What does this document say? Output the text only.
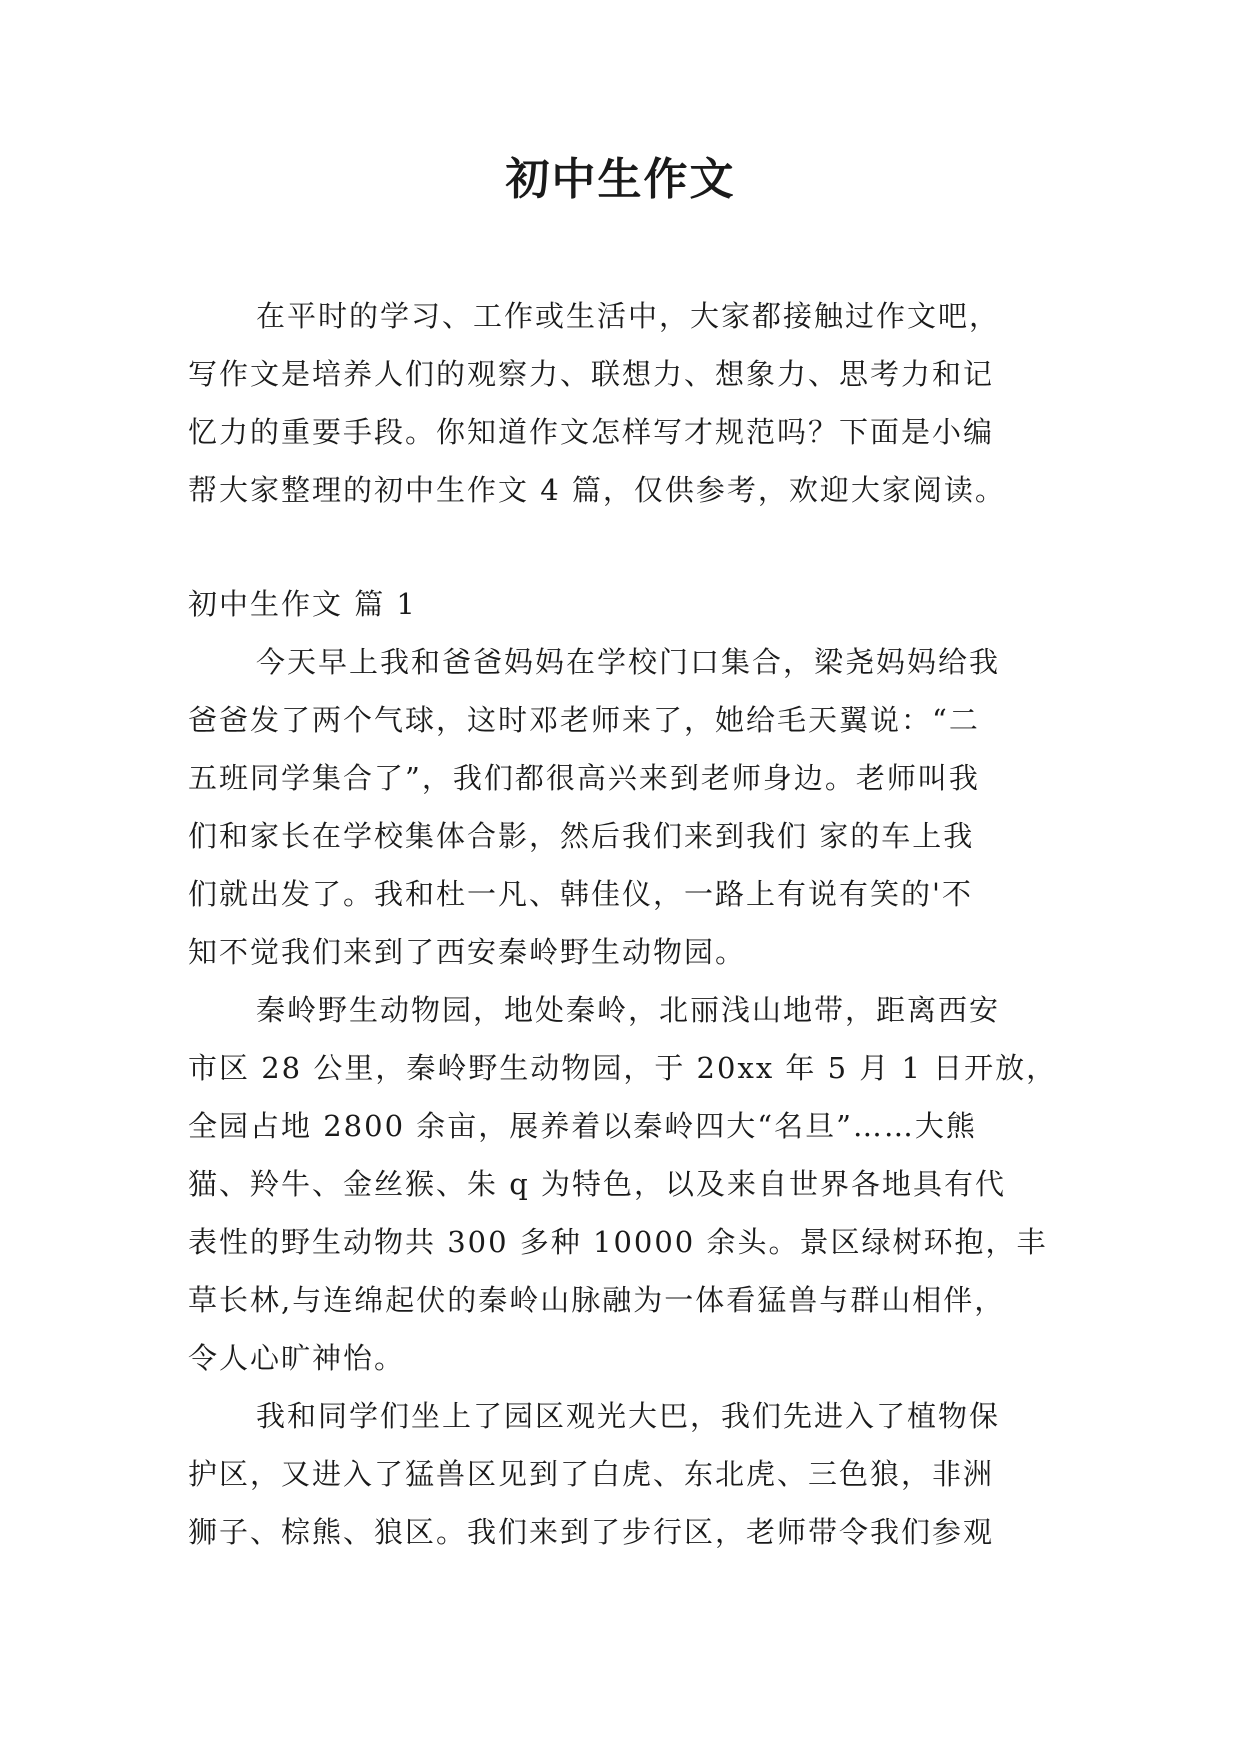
初中生作文
在平时的学习、工作或生活中，大家都接触过作文吧，
写作文是培养人们的观察力、联想力、想象力、思考力和记
忆力的重要手段。你知道作文怎样写才规范吗？下面是小编
帮大家整理的初中生作文 4 篇，仅供参考，欢迎大家阅读。
初中生作文 篇 1
今天早上我和爸爸妈妈在学校门口集合，梁尧妈妈给我
爸爸发了两个气球，这时邓老师来了，她给毛天翼说：“二
五班同学集合了”，我们都很高兴来到老师身边。老师叫我
们和家长在学校集体合影，然后我们来到我们 家的车上我
们就出发了。我和杜一凡、韩佳仪，一路上有说有笑的'不
知不觉我们来到了西安秦岭野生动物园。
秦岭野生动物园，地处秦岭，北丽浅山地带，距离西安
市区 28 公里，秦岭野生动物园，于 20xx 年 5 月 1 日开放，
全园占地 2800 余亩，展养着以秦岭四大“名旦”……大熊
猫、羚牛、金丝猴、朱 q 为特色，以及来自世界各地具有代
表性的野生动物共 300 多种 10000 余头。景区绿树环抱，丰
草长林,与连绵起伏的秦岭山脉融为一体看猛兽与群山相伴，
令人心旷神怡。
我和同学们坐上了园区观光大巴，我们先进入了植物保
护区，又进入了猛兽区见到了白虎、东北虎、三色狼，非洲
狮子、棕熊、狼区。我们来到了步行区，老师带令我们参观
